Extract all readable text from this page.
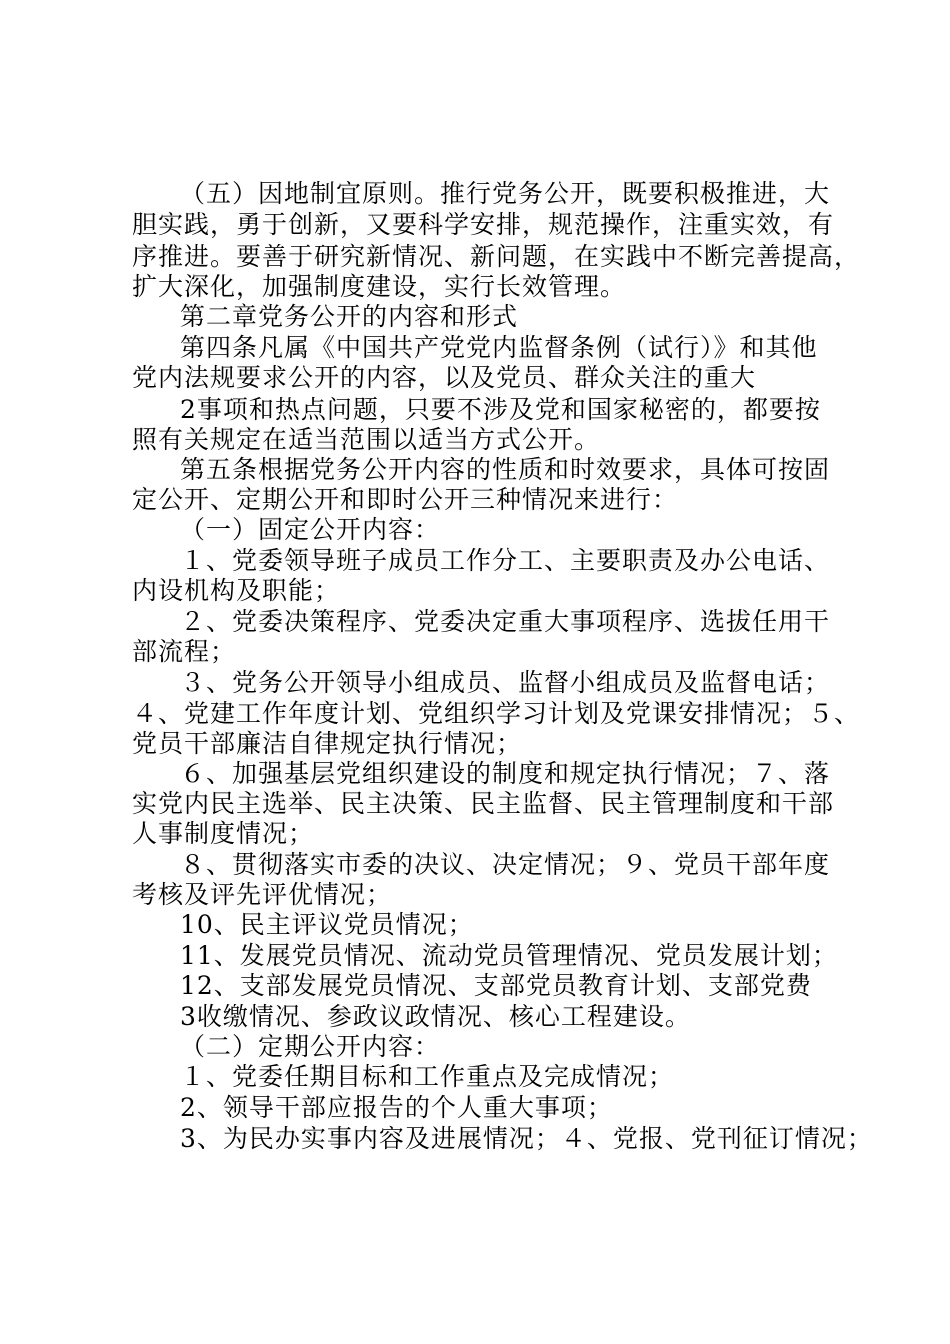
（五）因地制宜原则。推行党务公开，既要积极推进，大
胆实践，勇于创新，又要科学安排，规范操作，注重实效，有
序推进。要善于研究新情况、新问题，在实践中不断完善提高，
扩大深化，加强制度建设，实行长效管理。
第二章党务公开的内容和形式
第四条凡属《中国共产党党内监督条例（试行）》和其他
党内法规要求公开的内容，以及党员、群众关注的重大
2事项和热点问题，只要不涉及党和国家秘密的，都要按
照有关规定在适当范围以适当方式公开。
第五条根据党务公开内容的性质和时效要求，具体可按固
定公开、定期公开和即时公开三种情况来进行：
（一）固定公开内容：
１、党委领导班子成员工作分工、主要职责及办公电话、
内设机构及职能；
２、党委决策程序、党委决定重大事项程序、选拔任用干
部流程；
３、党务公开领导小组成员、监督小组成员及监督电话；
４、党建工作年度计划、党组织学习计划及党课安排情况；５、
党员干部廉洁自律规定执行情况；
６、加强基层党组织建设的制度和规定执行情况；７、落
实党内民主选举、民主决策、民主监督、民主管理制度和干部
人事制度情况；
８、贯彻落实市委的决议、决定情况；９、党员干部年度
考核及评先评优情况；
10、民主评议党员情况；
11、发展党员情况、流动党员管理情况、党员发展计划；
12、支部发展党员情况、支部党员教育计划、支部党费
3收缴情况、参政议政情况、核心工程建设。
（二）定期公开内容：
１、党委任期目标和工作重点及完成情况；
2、领导干部应报告的个人重大事项；
3、为民办实事内容及进展情况；４、党报、党刊征订情况；
